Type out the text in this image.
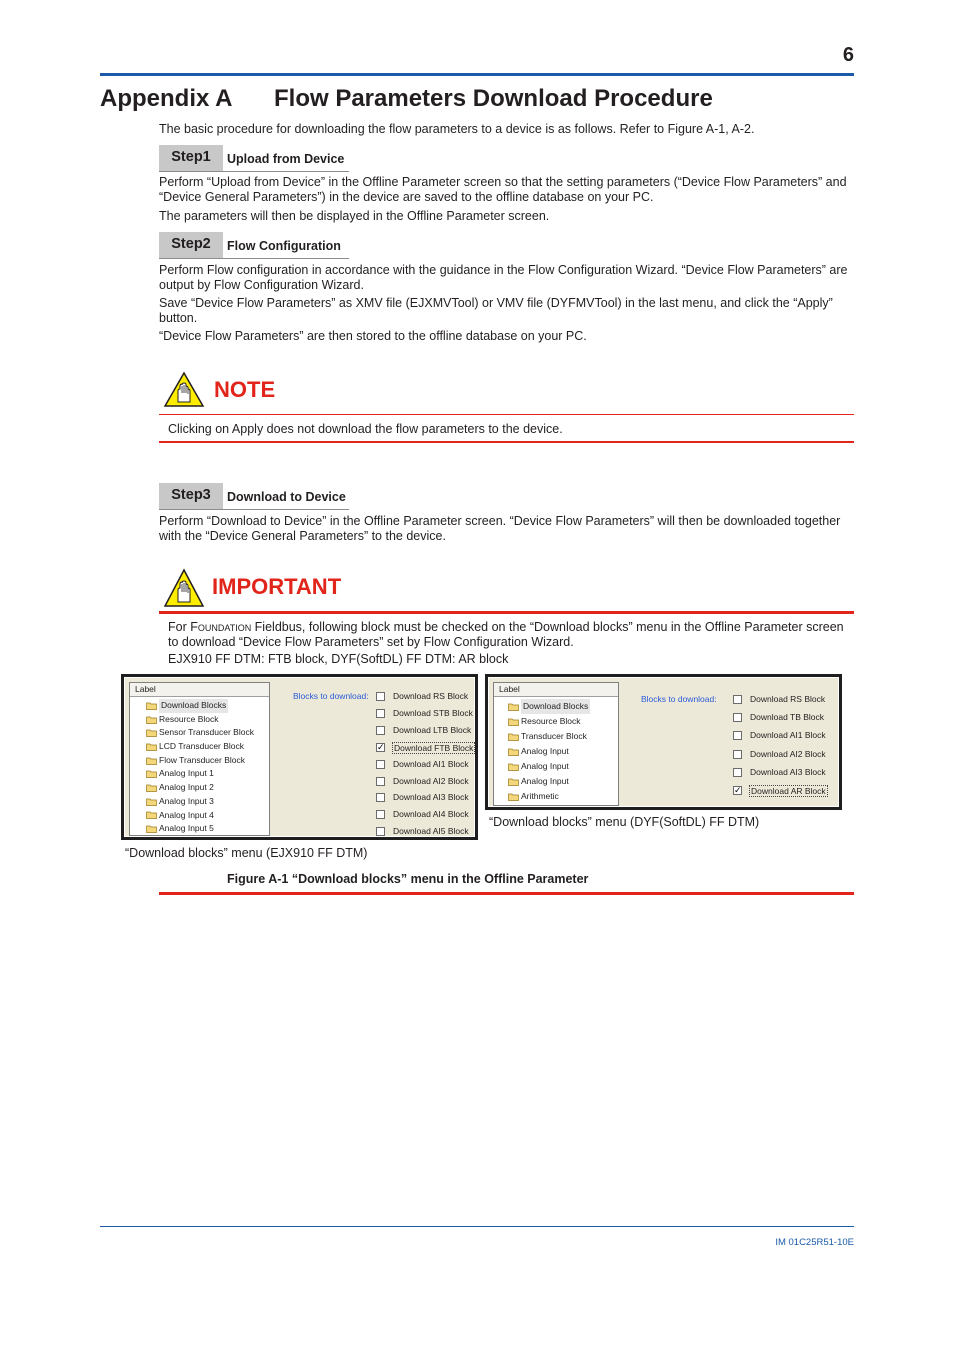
6
Appendix A Flow Parameters Download Procedure

The basic procedure for downloading the flow parameters to a device is as follows. Refer to Figure A-1, A-2.

Step1	Upload from Device

Perform “Upload from Device” in the Offline Parameter screen so that the setting parameters (“Device Flow Parameters” and “Device General Parameters”) in the device are saved to the offline database on your PC.

The parameters will then be displayed in the Offline Parameter screen.

Step2	Flow Configuration

Perform Flow configuration in accordance with the guidance in the Flow Configuration Wizard. “Device Flow Parameters” are output by Flow Configuration Wizard.

Save “Device Flow Parameters” as XMV file (EJXMVTool) or VMV file (DYFMVTool) in the last menu, and click the “Apply” button.

“Device Flow Parameters” are then stored to the offline database on your PC.

NOTE

Clicking on Apply does not download the flow parameters to the device.

Step3	Download to Device

Perform “Download to Device” in the Offline Parameter screen. “Device Flow Parameters” will then be downloaded together with the “Device General Parameters” to the device.

IMPORTANT

For Foundation Fieldbus, following block must be checked on the “Download blocks” menu in the Offline Parameter screen to download “Device Flow Parameters” set by Flow Configuration Wizard.

EJX910 FF DTM: FTB block, DYF(SoftDL) FF DTM: AR block

Label
Download Blocks
Resource Block
Sensor Transducer Block
LCD Transducer Block
Flow Transducer Block
Analog Input 1
Analog Input 2
Analog Input 3
Analog Input 4
Analog Input 5
Blocks to download:	Download RS Block
Download STB Block
Download LTB Block
✓ Download FTB Block
Download AI1 Block
Download AI2 Block
Download AI3 Block
Download AI4 Block
Download AI5 Block
“Download blocks” menu (EJX910 FF DTM)
Label
Download Blocks
Resource Block
Transducer Block
Analog Input
Analog Input
Analog Input
Arithmetic
Blocks to download:	Download RS Block
Download TB Block
Download AI1 Block
Download AI2 Block
Download AI3 Block
✓ Download AR Block
“Download blocks” menu (DYF(SoftDL) FF DTM)
Figure A-1 “Download blocks” menu in the Offline Parameter
IM 01C25R51-10E
